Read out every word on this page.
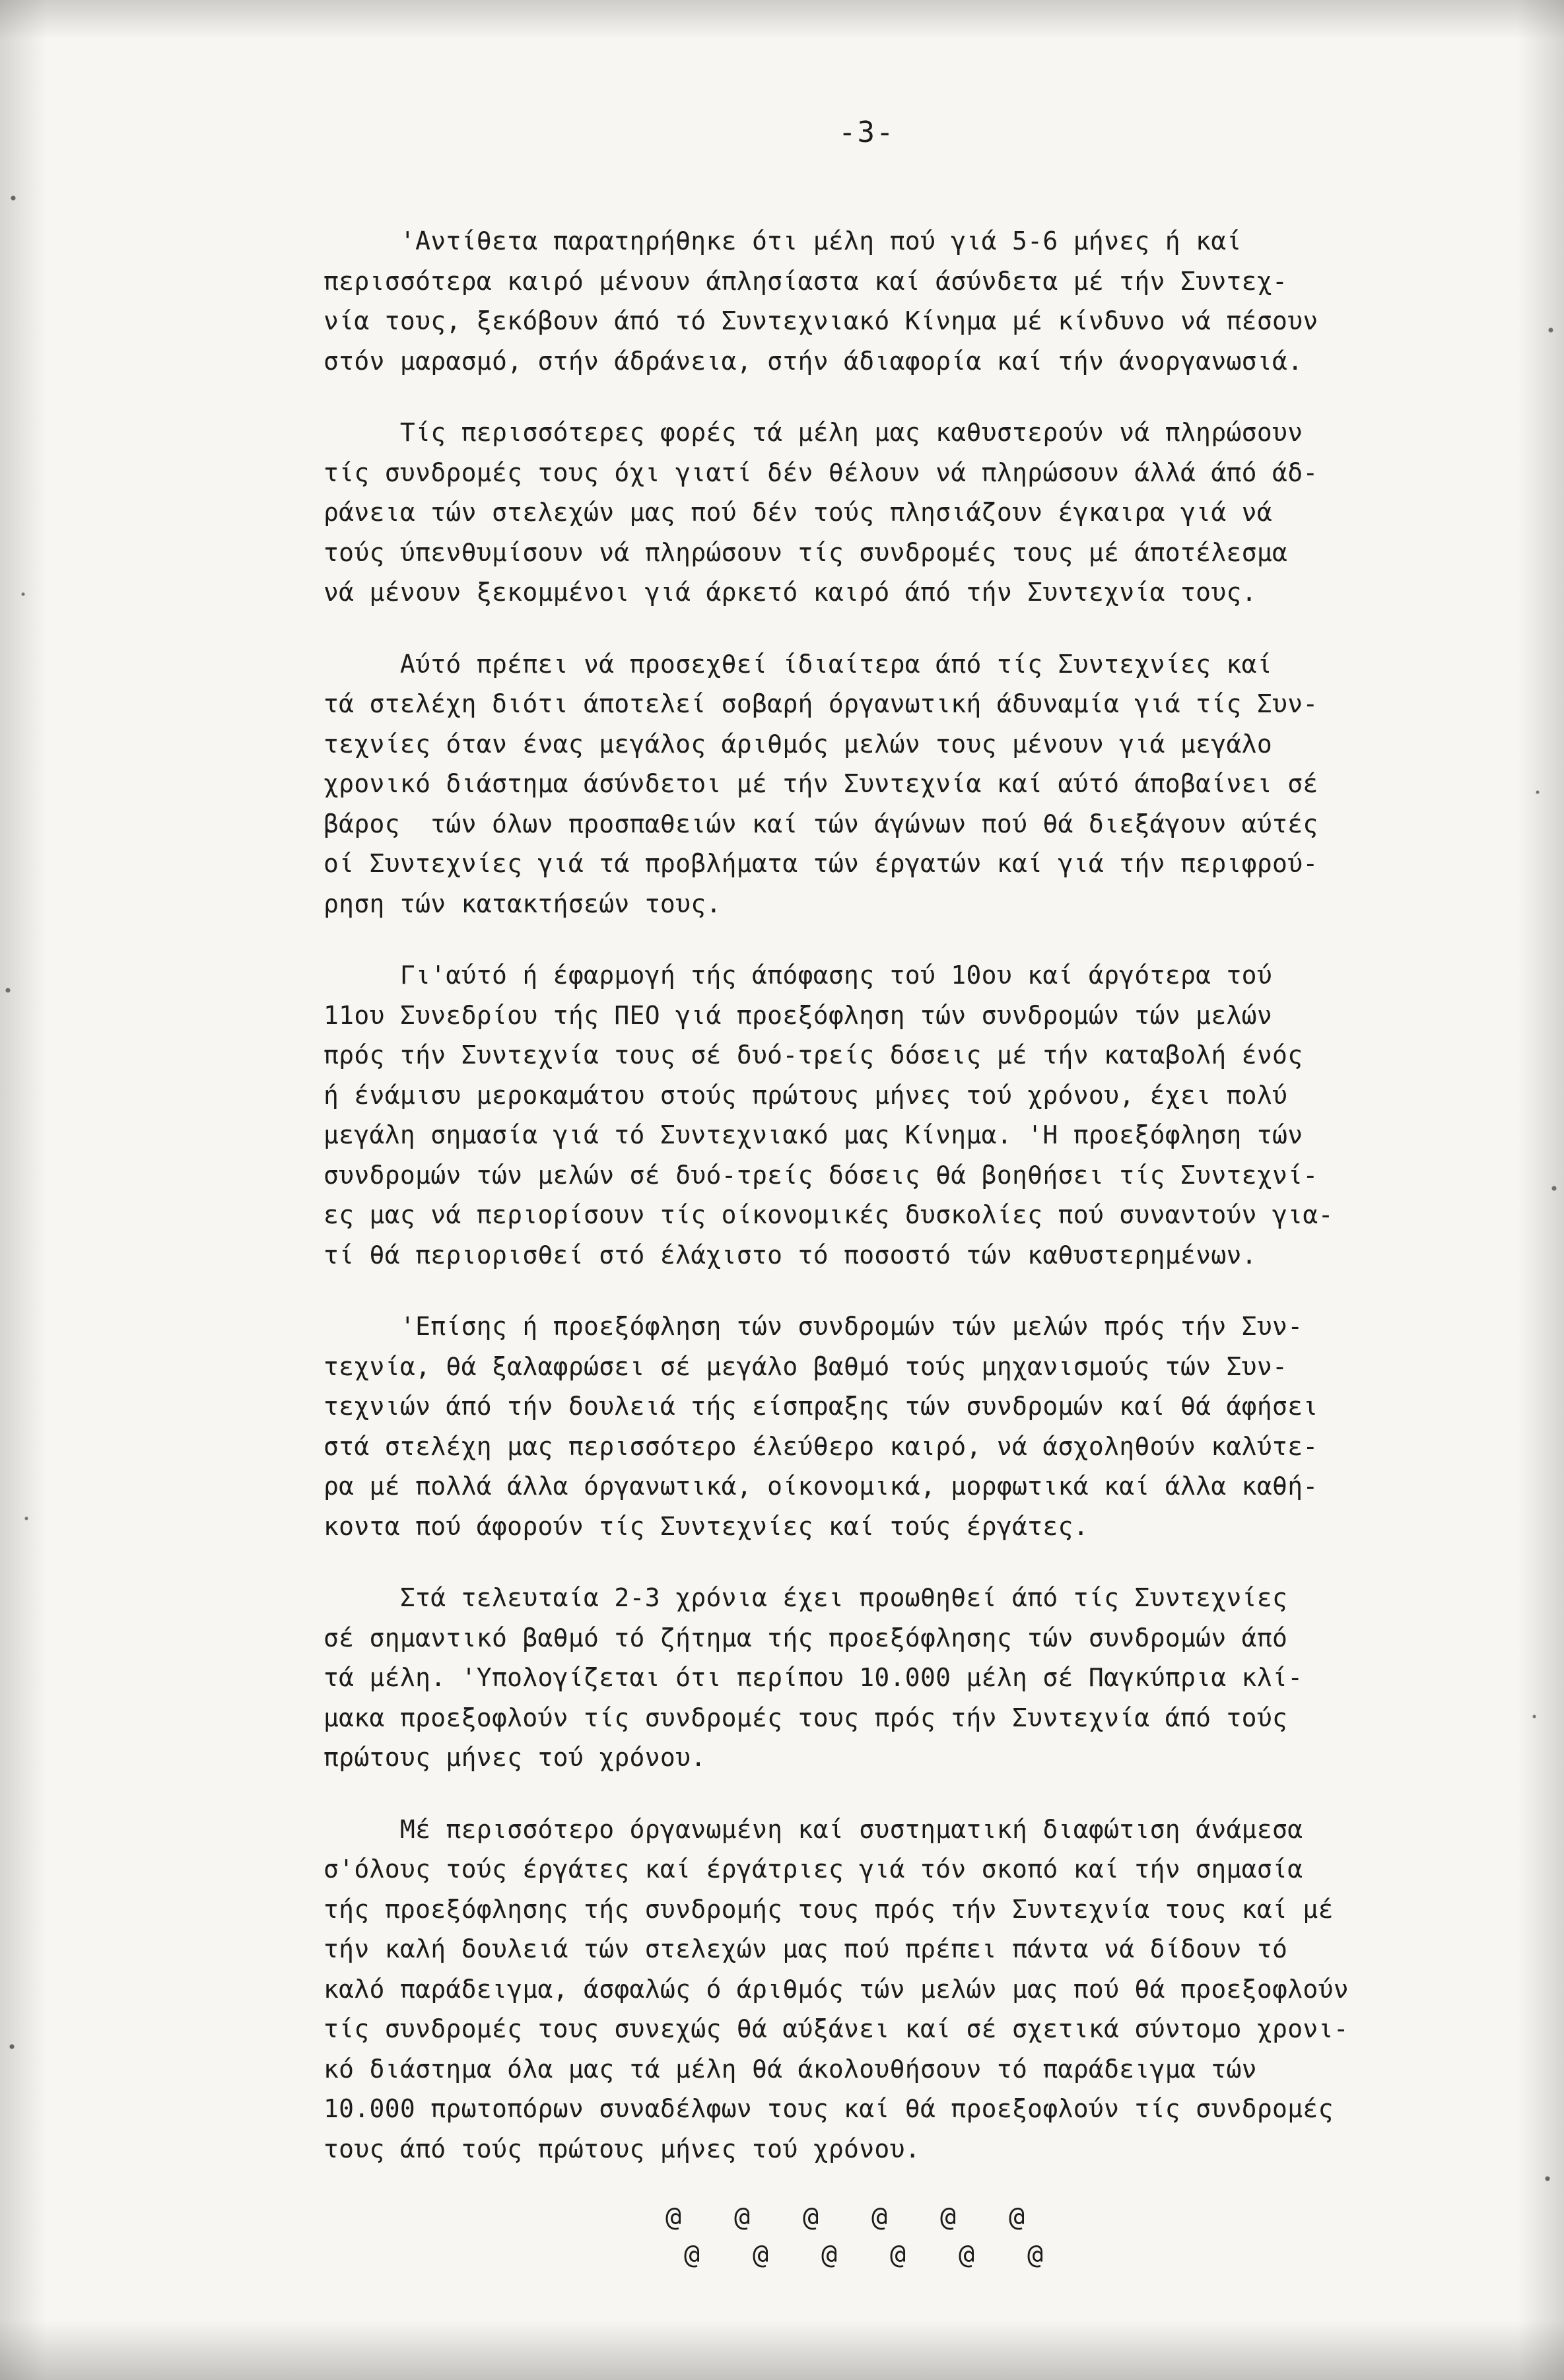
-3-
'Αντίθετα παρατηρήθηκε ότι μέλη πού γιά 5-6 μήνες ή καί
περισσότερα καιρό μένουν άπλησίαστα καί άσύνδετα μέ τήν Συντεχ-
νία τους, ξεκόβουν άπό τό Συντεχνιακό Κίνημα μέ κίνδυνο νά πέσουν
στόν μαρασμό, στήν άδράνεια, στήν άδιαφορία καί τήν άνοργανωσιά.
Τίς περισσότερες φορές τά μέλη μας καθυστερούν νά πληρώσουν
τίς συνδρομές τους όχι γιατί δέν θέλουν νά πληρώσουν άλλά άπό άδ-
ράνεια τών στελεχών μας πού δέν τούς πλησιάζουν έγκαιρα γιά νά
τούς ύπενθυμίσουν νά πληρώσουν τίς συνδρομές τους μέ άποτέλεσμα
νά μένουν ξεκομμένοι γιά άρκετό καιρό άπό τήν Συντεχνία τους.
Αύτό πρέπει νά προσεχθεί ίδιαίτερα άπό τίς Συντεχνίες καί
τά στελέχη διότι άποτελεί σοβαρή όργανωτική άδυναμία γιά τίς Συν-
τεχνίες όταν ένας μεγάλος άριθμός μελών τους μένουν γιά μεγάλο
χρονικό διάστημα άσύνδετοι μέ τήν Συντεχνία καί αύτό άποβαίνει σέ
βάρος  τών όλων προσπαθειών καί τών άγώνων πού θά διεξάγουν αύτές
οί Συντεχνίες γιά τά προβλήματα τών έργατών καί γιά τήν περιφρού-
ρηση τών κατακτήσεών τους.
Γι'αύτό ή έφαρμογή τής άπόφασης τού 10ου καί άργότερα τού
11ου Συνεδρίου τής ΠΕΟ γιά προεξόφληση τών συνδρομών τών μελών
πρός τήν Συντεχνία τους σέ δυό-τρείς δόσεις μέ τήν καταβολή ένός
ή ένάμισυ μεροκαμάτου στούς πρώτους μήνες τού χρόνου, έχει πολύ
μεγάλη σημασία γιά τό Συντεχνιακό μας Κίνημα. 'Η προεξόφληση τών
συνδρομών τών μελών σέ δυό-τρείς δόσεις θά βοηθήσει τίς Συντεχνί-
ες μας νά περιορίσουν τίς οίκονομικές δυσκολίες πού συναντούν για-
τί θά περιορισθεί στό έλάχιστο τό ποσοστό τών καθυστερημένων.
'Επίσης ή προεξόφληση τών συνδρομών τών μελών πρός τήν Συν-
τεχνία, θά ξαλαφρώσει σέ μεγάλο βαθμό τούς μηχανισμούς τών Συν-
τεχνιών άπό τήν δουλειά τής είσπραξης τών συνδρομών καί θά άφήσει
στά στελέχη μας περισσότερο έλεύθερο καιρό, νά άσχοληθούν καλύτε-
ρα μέ πολλά άλλα όργανωτικά, οίκονομικά, μορφωτικά καί άλλα καθή-
κοντα πού άφορούν τίς Συντεχνίες καί τούς έργάτες.
Στά τελευταία 2-3 χρόνια έχει προωθηθεί άπό τίς Συντεχνίες
σέ σημαντικό βαθμό τό ζήτημα τής προεξόφλησης τών συνδρομών άπό
τά μέλη. 'Υπολογίζεται ότι περίπου 10.000 μέλη σέ Παγκύπρια κλί-
μακα προεξοφλούν τίς συνδρομές τους πρός τήν Συντεχνία άπό τούς
πρώτους μήνες τού χρόνου.
Μέ περισσότερο όργανωμένη καί συστηματική διαφώτιση άνάμεσα
σ'όλους τούς έργάτες καί έργάτριες γιά τόν σκοπό καί τήν σημασία
τής προεξόφλησης τής συνδρομής τους πρός τήν Συντεχνία τους καί μέ
τήν καλή δουλειά τών στελεχών μας πού πρέπει πάντα νά δίδουν τό
καλό παράδειγμα, άσφαλώς ό άριθμός τών μελών μας πού θά προεξοφλούν
τίς συνδρομές τους συνεχώς θά αύξάνει καί σέ σχετικά σύντομο χρονι-
κό διάστημα όλα μας τά μέλη θά άκολουθήσουν τό παράδειγμα τών
10.000 πρωτοπόρων συναδέλφων τους καί θά προεξοφλούν τίς συνδρομές
τους άπό τούς πρώτους μήνες τού χρόνου.
@ @ @ @ @ @
@ @ @ @ @ @
